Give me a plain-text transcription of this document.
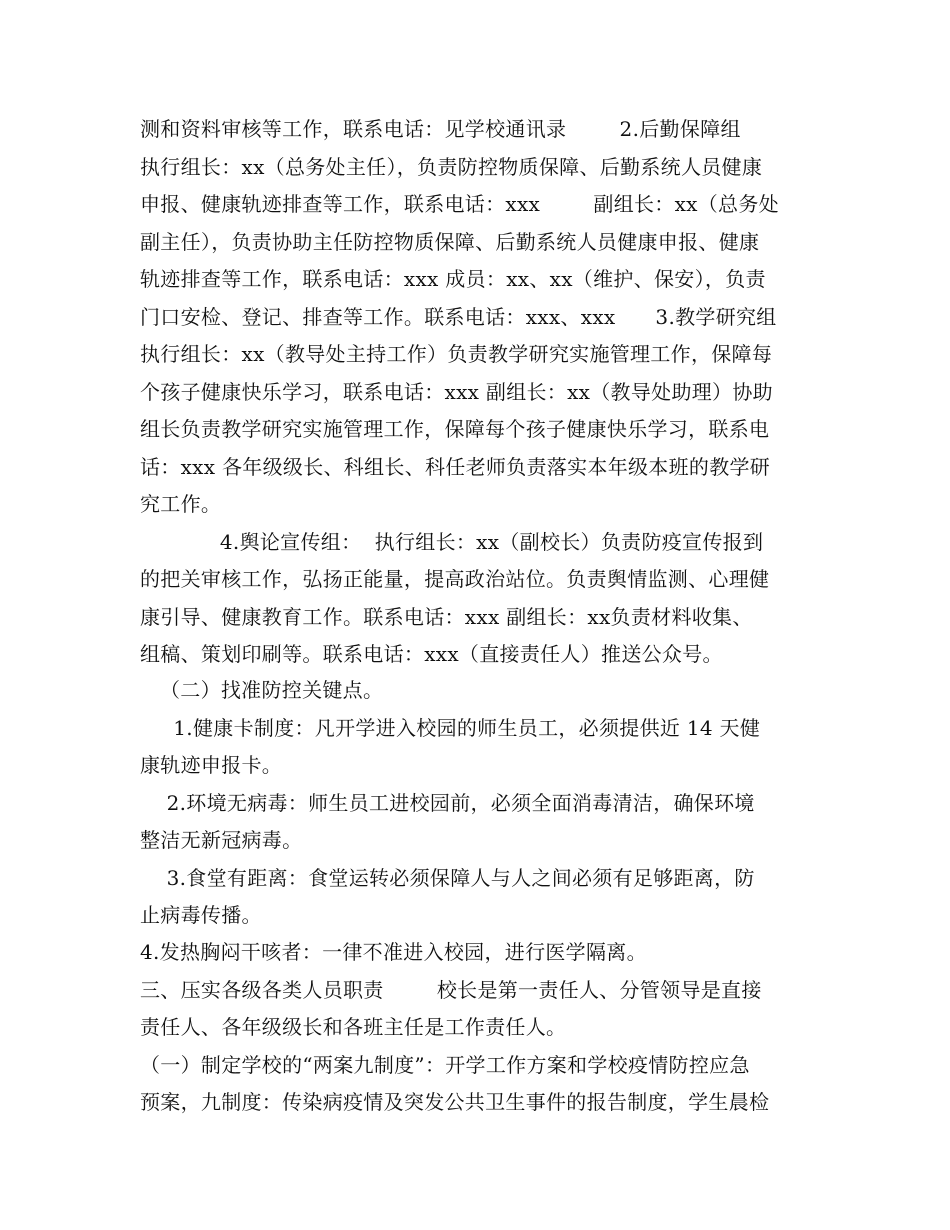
测和资料审核等工作，联系电话：见学校通讯录        2.后勤保障组
执行组长：xx（总务处主任），负责防控物质保障、后勤系统人员健康
申报、健康轨迹排查等工作，联系电话：xxx        副组长：xx（总务处
副主任），负责协助主任防控物质保障、后勤系统人员健康申报、健康
轨迹排查等工作，联系电话：xxx 成员：xx、xx（维护、保安），负责
门口安检、登记、排查等工作。联系电话：xxx、xxx      3.教学研究组
执行组长：xx（教导处主持工作）负责教学研究实施管理工作，保障每
个孩子健康快乐学习，联系电话：xxx 副组长：xx（教导处助理）协助
组长负责教学研究实施管理工作，保障每个孩子健康快乐学习，联系电
话：xxx 各年级级长、科组长、科任老师负责落实本年级本班的教学研
究工作。
4.舆论宣传组：  执行组长：xx（副校长）负责防疫宣传报到
的把关审核工作，弘扬正能量，提高政治站位。负责舆情监测、心理健
康引导、健康教育工作。联系电话：xxx 副组长：xx负责材料收集、
组稿、策划印刷等。联系电话：xxx（直接责任人）推送公众号。
（二）找准防控关键点。
1.健康卡制度：凡开学进入校园的师生员工，必须提供近 14 天健
康轨迹申报卡。
2.环境无病毒：师生员工进校园前，必须全面消毒清洁，确保环境
整洁无新冠病毒。
3.食堂有距离：食堂运转必须保障人与人之间必须有足够距离，防
止病毒传播。
4.发热胸闷干咳者：一律不准进入校园，进行医学隔离。
三、压实各级各类人员职责        校长是第一责任人、分管领导是直接
责任人、各年级级长和各班主任是工作责任人。
（一）制定学校的“两案九制度”：开学工作方案和学校疫情防控应急
预案，九制度：传染病疫情及突发公共卫生事件的报告制度，学生晨检
